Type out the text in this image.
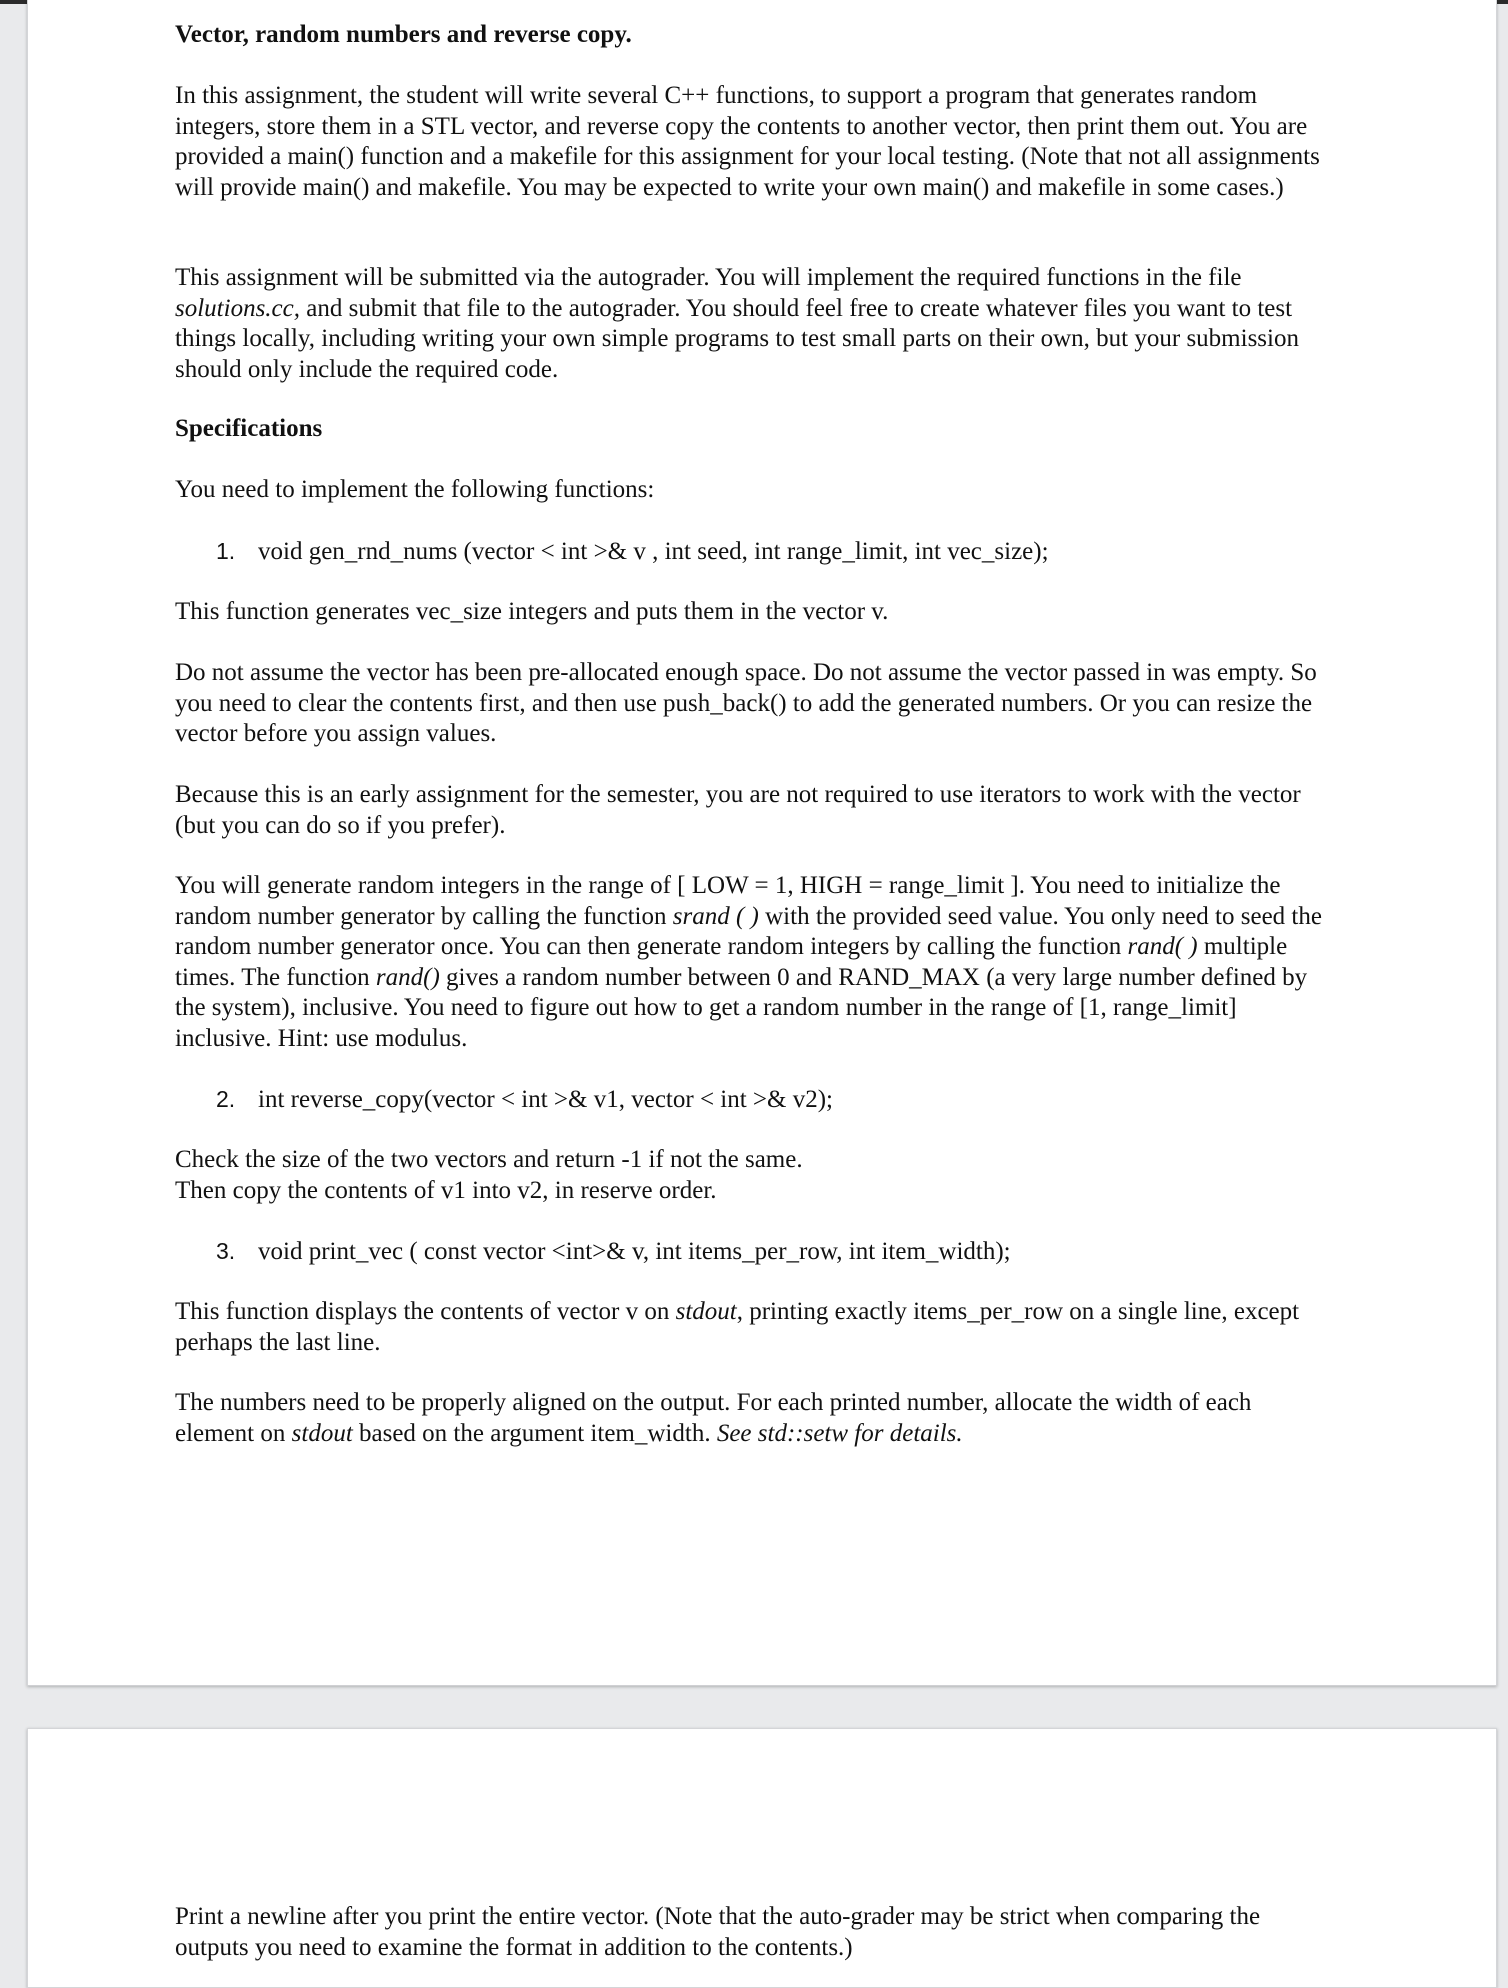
Vector, random numbers and reverse copy.

In this assignment, the student will write several C++ functions, to support a program that generates random integers, store them in a STL vector, and reverse copy the contents to another vector, then print them out. You are provided a main() function and a makefile for this assignment for your local testing. (Note that not all assignments will provide main() and makefile. You may be expected to write your own main() and makefile in some cases.)

This assignment will be submitted via the autograder. You will implement the required functions in the file solutions.cc, and submit that file to the autograder. You should feel free to create whatever files you want to test things locally, including writing your own simple programs to test small parts on their own, but your submission should only include the required code.

Specifications

You need to implement the following functions:

1. void gen_rnd_nums (vector < int >& v , int seed, int range_limit, int vec_size);

This function generates vec_size integers and puts them in the vector v.

Do not assume the vector has been pre-allocated enough space. Do not assume the vector passed in was empty. So you need to clear the contents first, and then use push_back() to add the generated numbers. Or you can resize the vector before you assign values.

Because this is an early assignment for the semester, you are not required to use iterators to work with the vector (but you can do so if you prefer).

You will generate random integers in the range of [ LOW = 1, HIGH = range_limit ]. You need to initialize the random number generator by calling the function srand ( ) with the provided seed value. You only need to seed the random number generator once. You can then generate random integers by calling the function rand( ) multiple times. The function rand() gives a random number between 0 and RAND_MAX (a very large number defined by the system), inclusive. You need to figure out how to get a random number in the range of [1, range_limit] inclusive. Hint: use modulus.

2. int reverse_copy(vector < int >& v1, vector < int >& v2);

Check the size of the two vectors and return -1 if not the same.
Then copy the contents of v1 into v2, in reserve order.

3. void print_vec ( const vector <int>& v, int items_per_row, int item_width);

This function displays the contents of vector v on stdout, printing exactly items_per_row on a single line, except perhaps the last line.

The numbers need to be properly aligned on the output. For each printed number, allocate the width of each element on stdout based on the argument item_width. See std::setw for details.

Print a newline after you print the entire vector. (Note that the auto-grader may be strict when comparing the outputs you need to examine the format in addition to the contents.)
